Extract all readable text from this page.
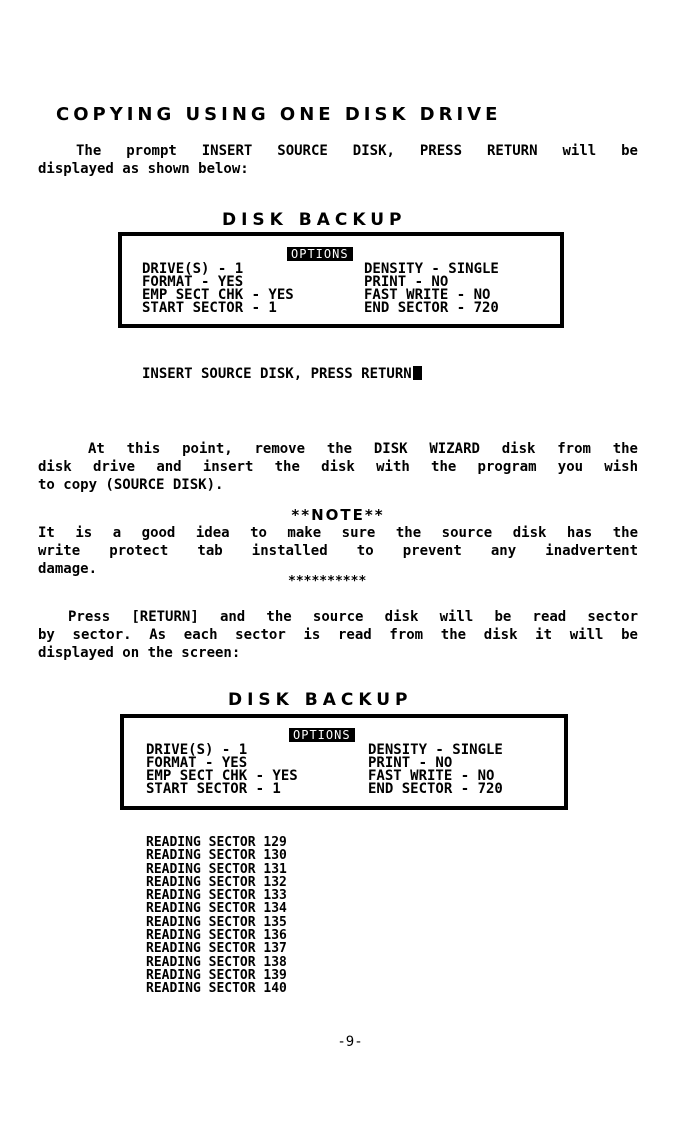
COPYING USING ONE DISK DRIVE
The prompt INSERT SOURCE DISK, PRESS RETURN will be
displayed as shown below:
DISK BACKUP
OPTIONS
DRIVE(S) - 1	DENSITY - SINGLE
FORMAT - YES	PRINT - NO
EMP SECT CHK - YES	FAST WRITE - NO
START SECTOR - 1	END SECTOR - 720
INSERT SOURCE DISK, PRESS RETURN
At this point, remove the DISK WIZARD disk from the
disk drive and insert the disk with the program you wish
to copy (SOURCE DISK).
**NOTE**
It is a good idea to make sure the source disk has the
write protect tab installed to prevent any inadvertent
damage.
**********
Press [RETURN] and the source disk will be read sector
by sector. As each sector is read from the disk it will be
displayed on the screen:
DISK BACKUP
OPTIONS
DRIVE(S) - 1	DENSITY - SINGLE
FORMAT - YES	PRINT - NO
EMP SECT CHK - YES	FAST WRITE - NO
START SECTOR - 1	END SECTOR - 720
READING SECTOR 129
READING SECTOR 130
READING SECTOR 131
READING SECTOR 132
READING SECTOR 133
READING SECTOR 134
READING SECTOR 135
READING SECTOR 136
READING SECTOR 137
READING SECTOR 138
READING SECTOR 139
READING SECTOR 140
-9-
